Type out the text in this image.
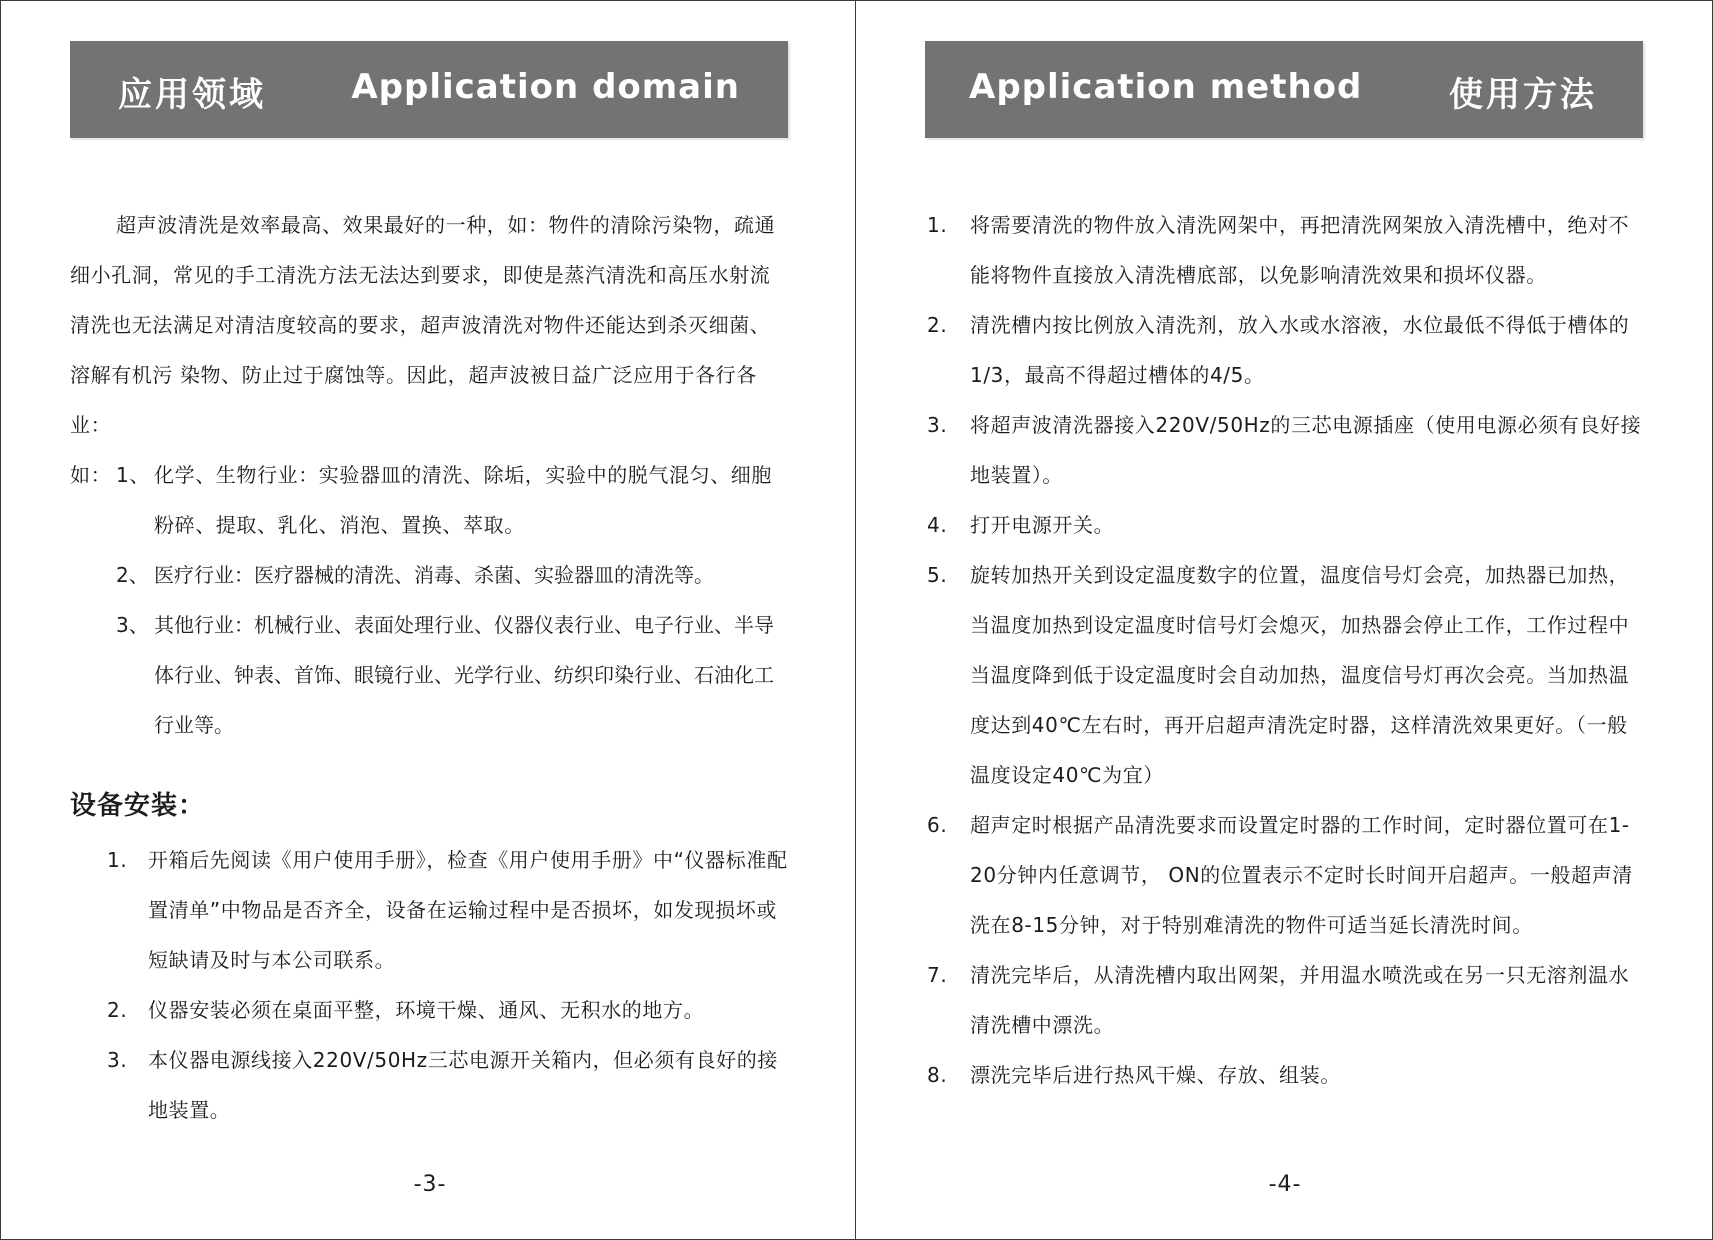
应用领域	Application domain

超声波清洗是效率最高、效果最好的一种，如：物件的清除污染物，疏通细小孔洞，常见的手工清洗方法无法达到要求，即使是蒸汽清洗和高压水射流清洗也无法满足对清洁度较高的要求，超声波清洗对物件还能达到杀灭细菌、溶解有机污 染物、防止过于腐蚀等。因此，超声波被日益广泛应用于各行各业：

如： 1、 化学、生物行业：实验器皿的清洗、除垢，实验中的脱气混匀、细胞粉碎、提取、乳化、消泡、置换、萃取。
2、 医疗行业：医疗器械的清洗、消毒、杀菌、实验器皿的清洗等。
3、 其他行业：机械行业、表面处理行业、仪器仪表行业、电子行业、半导体行业、钟表、首饰、眼镜行业、光学行业、纺织印染行业、石油化工行业等。
设备安装：
1.	开箱后先阅读《用户使用手册》，检查《用户使用手册》中“仪器标准配置清单”中物品是否齐全，设备在运输过程中是否损坏，如发现损坏或短缺请及时与本公司联系。
2.	仪器安装必须在桌面平整，环境干燥、通风、无积水的地方。
3.	本仪器电源线接入220V/50Hz三芯电源开关箱内，但必须有良好的接地装置。
-3-
Application method	使用方法
1.	将需要清洗的物件放入清洗网架中，再把清洗网架放入清洗槽中，绝对不能将物件直接放入清洗槽底部，以免影响清洗效果和损坏仪器。
2.	清洗槽内按比例放入清洗剂，放入水或水溶液，水位最低不得低于槽体的1/3，最高不得超过槽体的4/5。
3.	将超声波清洗器接入220V/50Hz的三芯电源插座（使用电源必须有良好接地装置）。
4.	打开电源开关。
5.	旋转加热开关到设定温度数字的位置，温度信号灯会亮，加热器已加热，当温度加热到设定温度时信号灯会熄灭，加热器会停止工作，工作过程中当温度降到低于设定温度时会自动加热，温度信号灯再次会亮。当加热温度达到40℃左右时，再开启超声清洗定时器，这样清洗效果更好。（一般温度设定40℃为宜）
6.	超声定时根据产品清洗要求而设置定时器的工作时间，定时器位置可在1-20分钟内任意调节， ON的位置表示不定时长时间开启超声。一般超声清洗在8-15分钟，对于特别难清洗的物件可适当延长清洗时间。
7.	清洗完毕后，从清洗槽内取出网架，并用温水喷洗或在另一只无溶剂温水清洗槽中漂洗。
8.	漂洗完毕后进行热风干燥、存放、组装。
-4-
